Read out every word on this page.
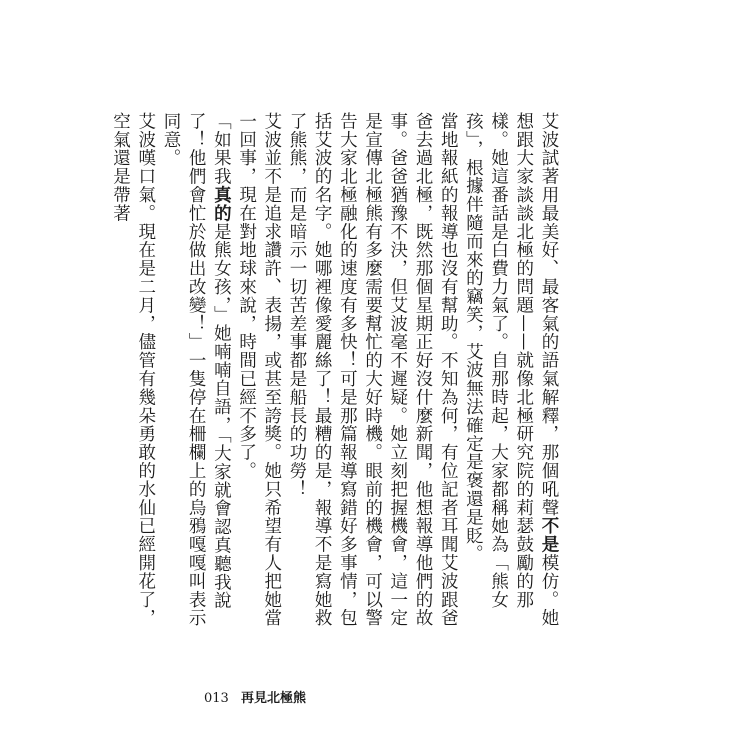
艾波試著用最美好、最客氣的語氣解釋，那個吼聲不是模仿。她想跟大家談談北極的問題——就像北極研究院的莉瑟鼓勵的那樣。她這番話是白費力氣了。自那時起，大家都稱她為「熊女孩」，根據伴隨而來的竊笑，艾波無法確定是褒還是貶。

當地報紙的報導也沒有幫助。不知為何，有位記者耳聞艾波跟爸爸去過北極，既然那個星期正好沒什麼新聞，他想報導他們的故事。爸爸猶豫不決，但艾波毫不遲疑。她立刻把握機會，這一定是宣傳北極熊有多麼需要幫忙的大好時機。眼前的機會，可以警告大家北極融化的速度有多快！可是那篇報導寫錯好多事情，包括艾波的名字。她哪裡像愛麗絲了！最糟的是，報導不是寫她救了熊熊，而是暗示一切苦差事都是船長的功勞！

艾波並不是追求讚許、表揚，或甚至誇獎。她只希望有人把她當一回事，現在對地球來說，時間已經不多了。

「如果我真的是熊女孩，」她喃喃自語，「大家就會認真聽我說了！他們會忙於做出改變！」一隻停在柵欄上的烏鴉嘎嘎叫表示同意。

艾波嘆口氣。現在是二月，儘管有幾朵勇敢的水仙已經開花了，空氣還是帶著

013 再見北極熊
